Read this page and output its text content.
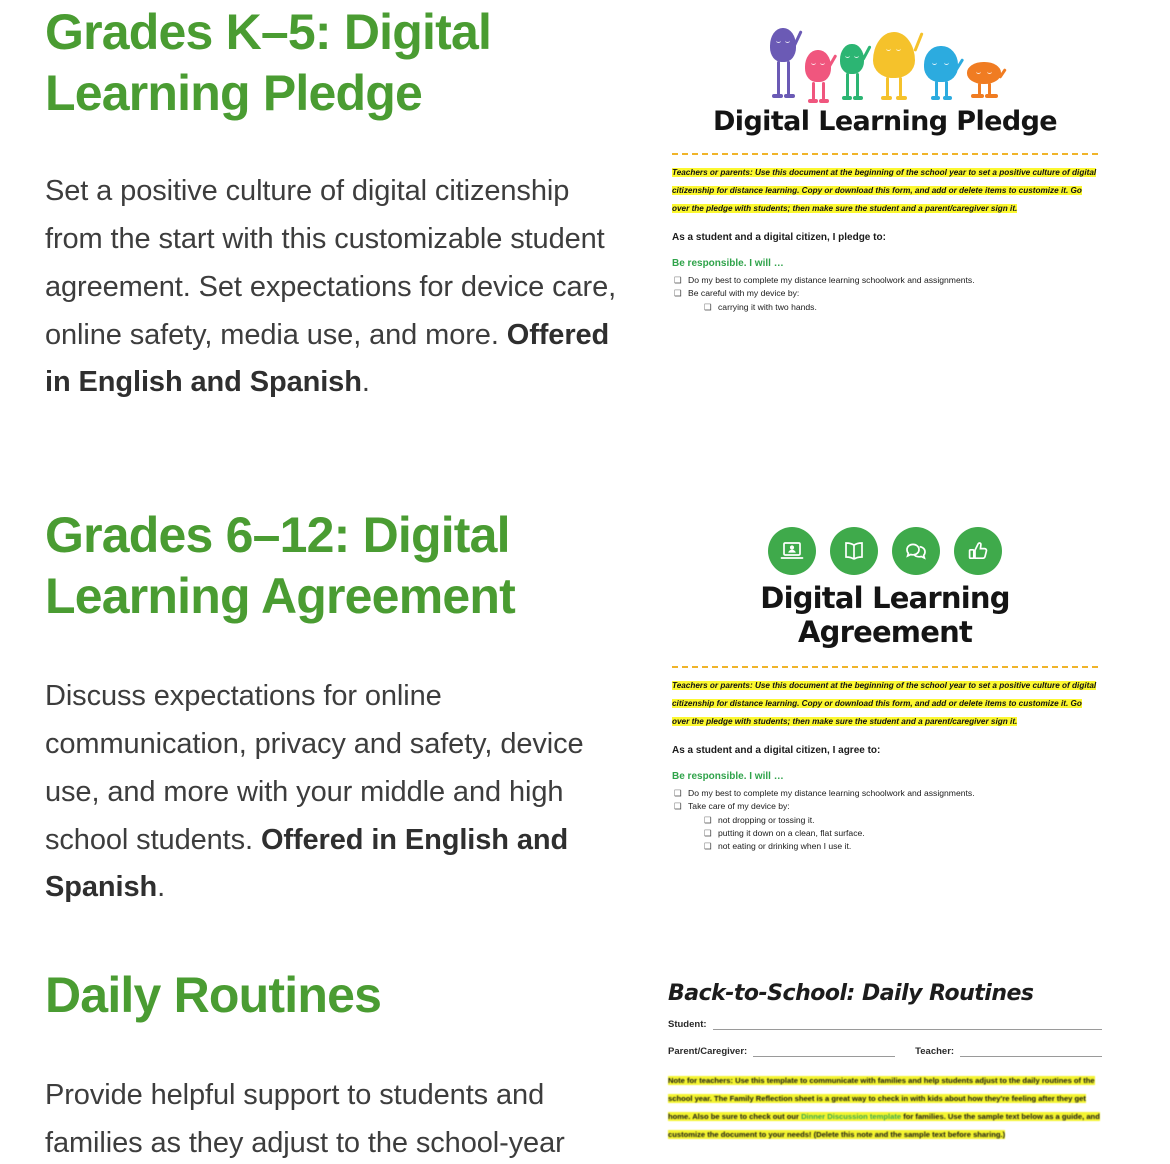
Grades K–5: Digital Learning Pledge

Set a positive culture of digital citizenship from the start with this customizable student agreement. Set expectations for device care, online safety, media use, and more. Offered in English and Spanish.

Digital Learning Pledge
Teachers or parents: Use this document at the beginning of the school year to set a positive culture of digital citizenship for distance learning. Copy or download this form, and add or delete items to customize it. Go over the pledge with students; then make sure the student and a parent/caregiver sign it.

As a student and a digital citizen, I pledge to:

Be responsible. I will …

❑ Do my best to complete my distance learning schoolwork and assignments.
❑ Be careful with my device by:
❑ carrying it with two hands.
Grades 6–12: Digital Learning Agreement

Discuss expectations for online communication, privacy and safety, device use, and more with your middle and high school students. Offered in English and Spanish.

Digital Learning Agreement
Teachers or parents: Use this document at the beginning of the school year to set a positive culture of digital citizenship for distance learning. Copy or download this form, and add or delete items to customize it. Go over the pledge with students; then make sure the student and a parent/caregiver sign it.

As a student and a digital citizen, I agree to:

Be responsible. I will …

❑ Do my best to complete my distance learning schoolwork and assignments.
❑ Take care of my device by:
❑ not dropping or tossing it.
❑ putting it down on a clean, flat surface.
❑ not eating or drinking when I use it.
Daily Routines

Provide helpful support to students and families as they adjust to the school-year

Back-to-School: Daily Routines
Student:
Parent/Caregiver:	Teacher:
Note for teachers: Use this template to communicate with families and help students adjust to the daily routines of the school year. The Family Reflection sheet is a great way to check in with kids about how they're feeling after they get home. Also be sure to check out our Dinner Discussion template for families. Use the sample text below as a guide, and customize the document to your needs! (Delete this note and the sample text before sharing.)
